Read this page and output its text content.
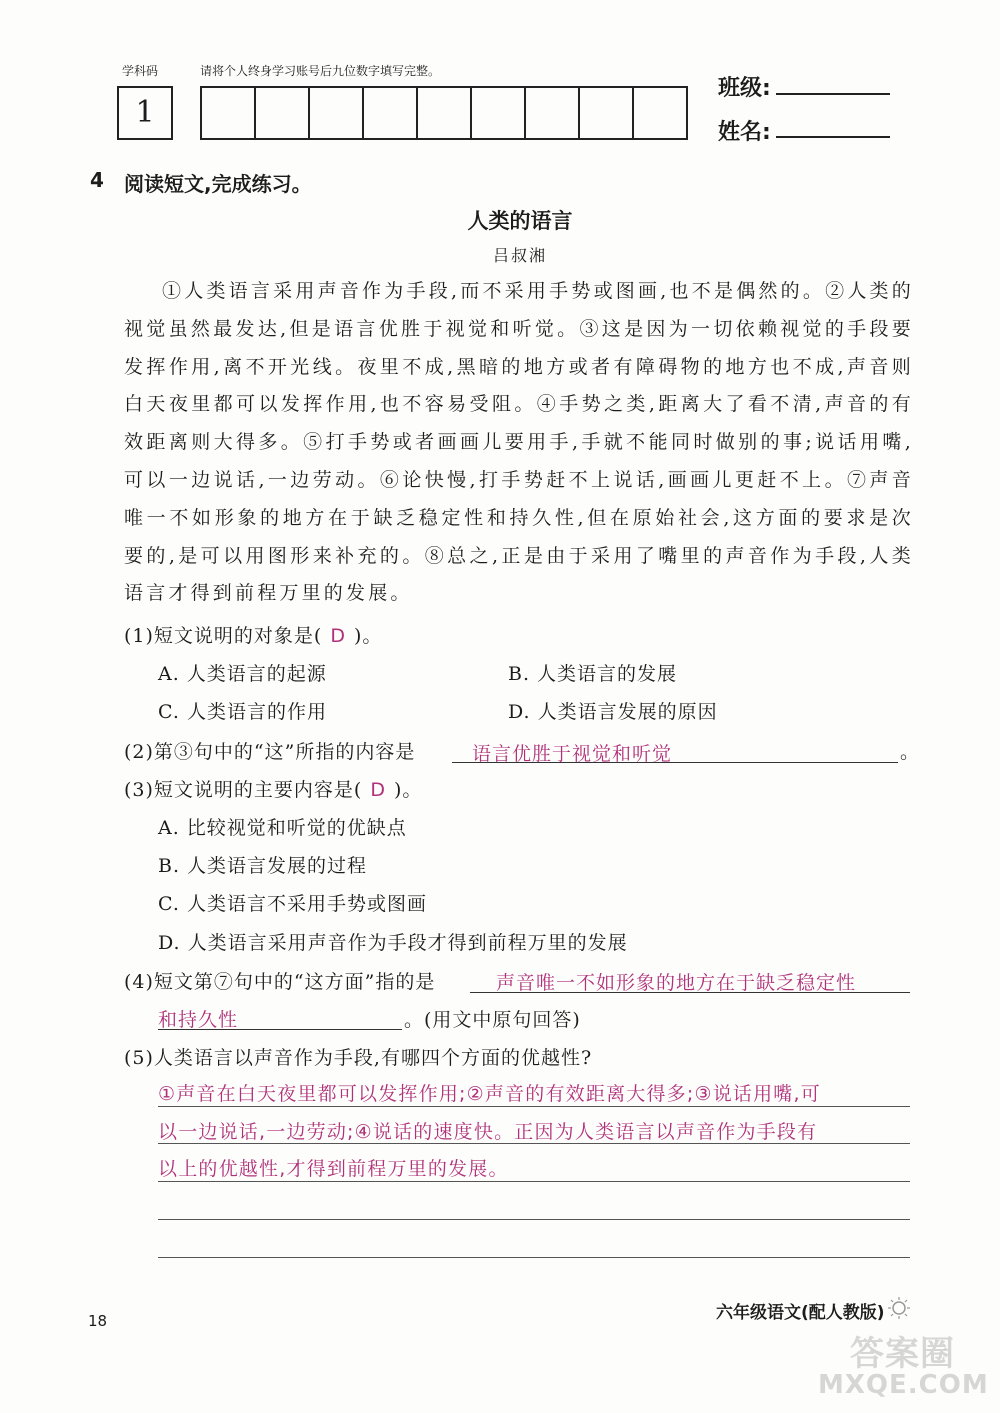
学科码	请将个人终身学习账号后九位数字填写完整。
1
班级:
姓名:
4 阅读短文,完成练习。
人类的语言
吕叔湘
①人类语言采用声音作为手段,而不采用手势或图画,也不是偶然的。②人类的视觉虽然最发达,但是语言优胜于视觉和听觉。③这是因为一切依赖视觉的手段要发挥作用,离不开光线。夜里不成,黑暗的地方或者有障碍物的地方也不成,声音则白天夜里都可以发挥作用,也不容易受阻。④手势之类,距离大了看不清,声音的有效距离则大得多。⑤打手势或者画画儿要用手,手就不能同时做别的事;说话用嘴,可以一边说话,一边劳动。⑥论快慢,打手势赶不上说话,画画儿更赶不上。⑦声音唯一不如形象的地方在于缺乏稳定性和持久性,但在原始社会,这方面的要求是次要的,是可以用图形来补充的。⑧总之,正是由于采用了嘴里的声音作为手段,人类语言才得到前程万里的发展。
(1)短文说明的对象是( D )。
A. 人类语言的起源	B. 人类语言的发展
C. 人类语言的作用	D. 人类语言发展的原因
(2)第③句中的“这”所指的内容是	语言优胜于视觉和听觉	。
(3)短文说明的主要内容是( D )。
A. 比较视觉和听觉的优缺点
B. 人类语言发展的过程
C. 人类语言不采用手势或图画
D. 人类语言采用声音作为手段才得到前程万里的发展
(4)短文第⑦句中的“这方面”指的是	声音唯一不如形象的地方在于缺乏稳定性
和持久性	。(用文中原句回答)
(5)人类语言以声音作为手段,有哪四个方面的优越性?
①声音在白天夜里都可以发挥作用;②声音的有效距离大得多;③说话用嘴,可
以一边说话,一边劳动;④说话的速度快。正因为人类语言以声音作为手段有
以上的优越性,才得到前程万里的发展。
18	六年级语文(配人教版)
答案圈
MXQE.COM
